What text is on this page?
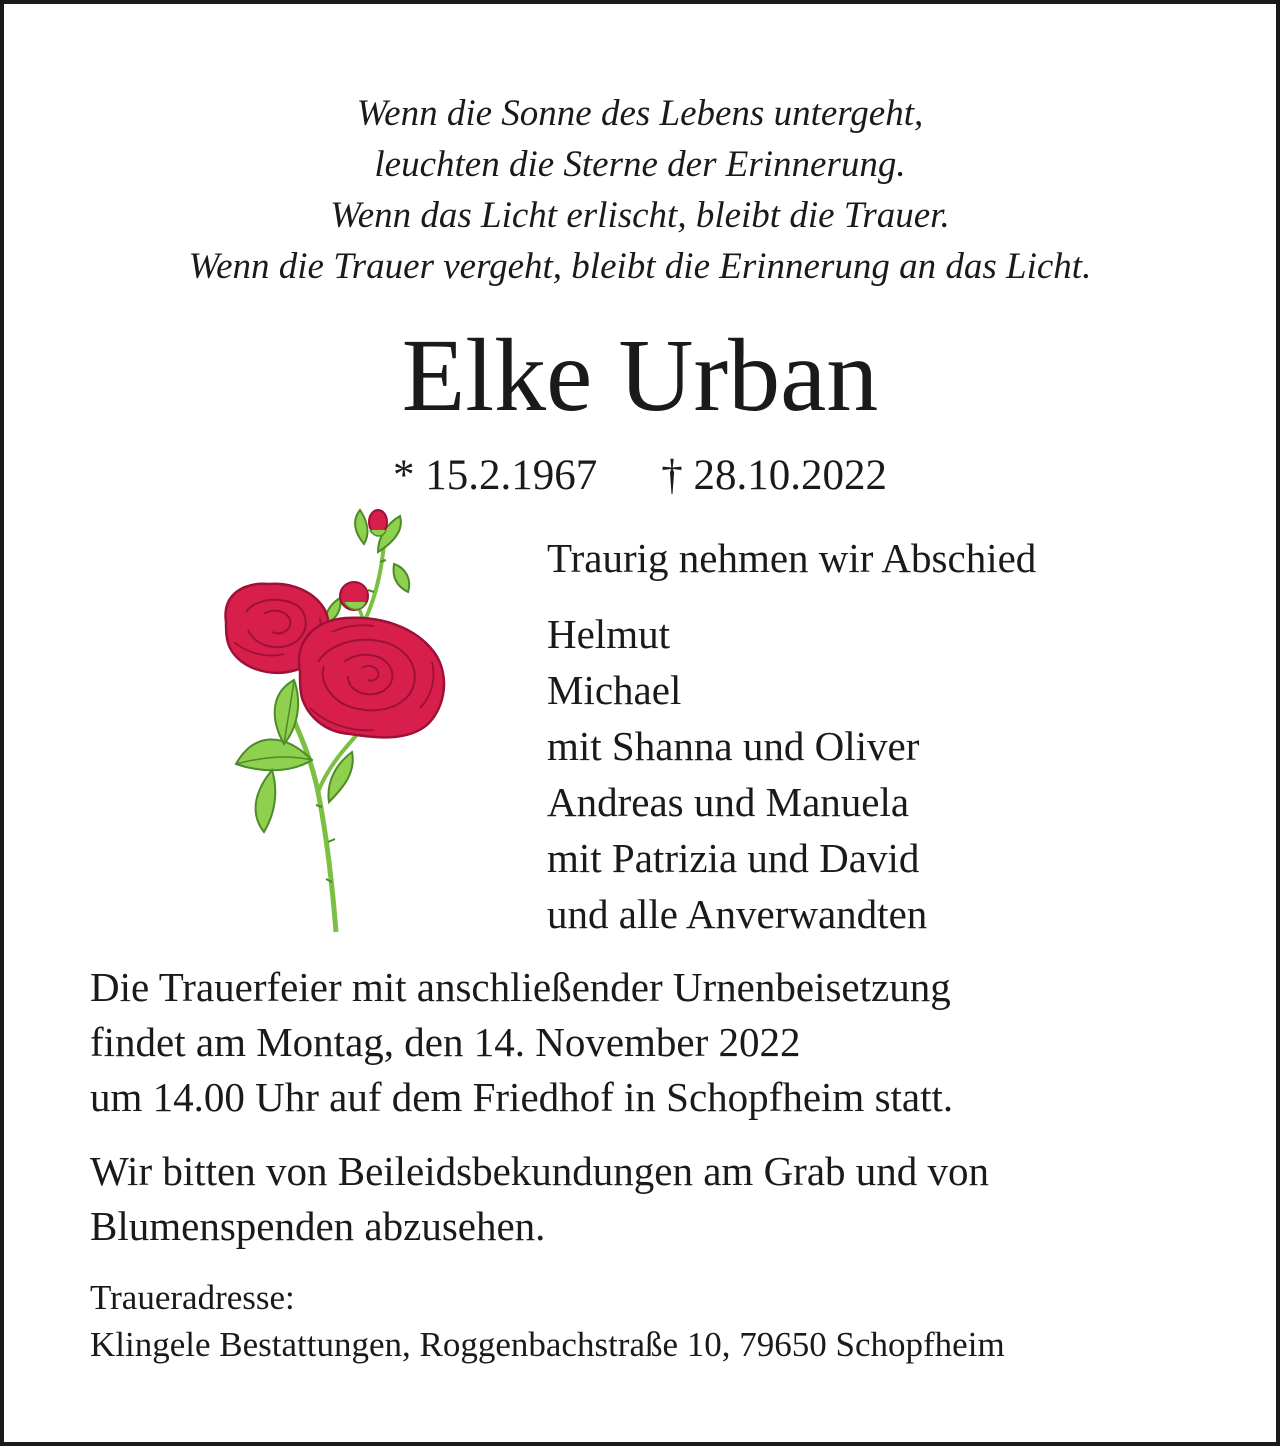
Wenn die Sonne des Lebens untergeht,
leuchten die Sterne der Erinnerung.
Wenn das Licht erlischt, bleibt die Trauer.
Wenn die Trauer vergeht, bleibt die Erinnerung an das Licht.
Elke Urban
* 15.2.1967 † 28.10.2022
Traurig nehmen wir Abschied
Helmut
Michael
mit Shanna und Oliver
Andreas und Manuela
mit Patrizia und David
und alle Anverwandten
Die Trauerfeier mit anschließender Urnenbeisetzung
findet am Montag, den 14. November 2022
um 14.00 Uhr auf dem Friedhof in Schopfheim statt.
Wir bitten von Beileidsbekundungen am Grab und von
Blumenspenden abzusehen.
Traueradresse:
Klingele Bestattungen, Roggenbachstraße 10, 79650 Schopfheim
